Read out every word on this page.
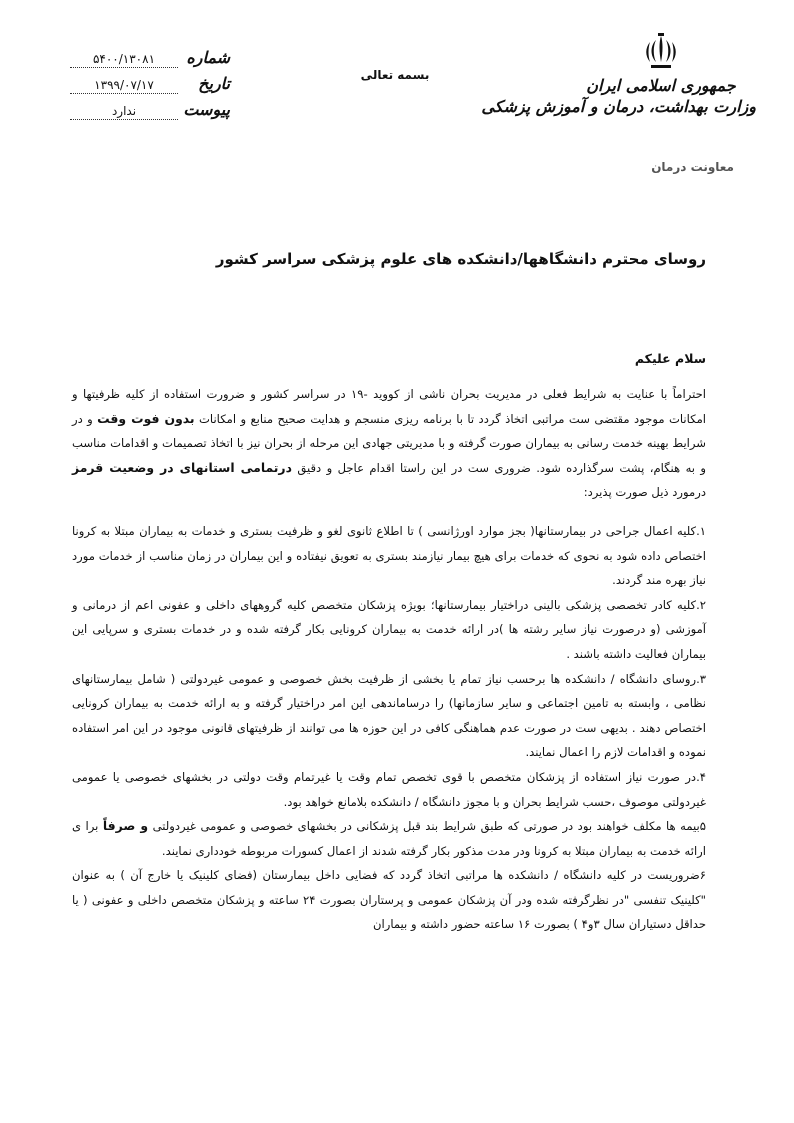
جمهوری اسلامی ایران
وزارت بهداشت، درمان و آموزش پزشکی
معاونت درمان
بسمه تعالی
شماره
۵۴۰۰/۱۳۰۸۱
تاریخ
۱۳۹۹/۰۷/۱۷
پیوست
ندارد

روسای محترم دانشگاهها/دانشکده های علوم پزشکی سراسر کشور

سلام علیکم

احتراماً با عنایت به شرایط فعلی در مدیریت بحران ناشی از کووید -۱۹ در سراسر کشور و ضرورت استفاده از کلیه ظرفیتها و امکانات موجود مقتضی ست مراتبی اتخاذ گردد تا با برنامه ریزی منسجم و هدایت صحیح منابع و امکانات بدون فوت وقت و در شرایط بهینه خدمت رسانی به بیماران صورت گرفته و با مدیریتی جهادی این مرحله از بحران نیز با اتخاذ تصمیمات و اقدامات مناسب و به هنگام، پشت سرگذارده شود. ضروری ست در این راستا اقدام عاجل و دقیق درتمامی استانهای در وضعیت قرمز درمورد ذیل صورت پذیرد:

۱.کلیه اعمال جراحی در بیمارستانها( بجز موارد اورژانسی ) تا اطلاع ثانوی لغو و ظرفیت بستری و خدمات به بیماران مبتلا به کرونا اختصاص داده شود به نحوی که خدمات برای هیچ بیمار نیازمند بستری به تعویق نیفتاده و این بیماران در زمان مناسب از خدمات مورد نیاز بهره مند گردند.

۲.کلیه کادر تخصصی پزشکی بالینی دراختیار بیمارستانها؛ بویژه پزشکان متخصص کلیه گروههای داخلی و عفونی اعم از درمانی و آموزشی (و درصورت نیاز سایر رشته ها )در ارائه خدمت به بیماران کرونایی بکار گرفته شده و در خدمات بستری و سرپایی این بیماران فعالیت داشته باشند .

۳.روسای دانشگاه / دانشکده ها برحسب نیاز تمام یا بخشی از ظرفیت بخش خصوصی و عمومی غیردولتی ( شامل بیمارستانهای نظامی ، وابسته به تامین اجتماعی و سایر سازمانها) را درساماندهی این امر دراختیار گرفته و به ارائه خدمت به بیماران کرونایی اختصاص دهند . بدیهی ست در صورت عدم هماهنگی کافی در این حوزه ها می توانند از ظرفیتهای قانونی موجود در این امر استفاده نموده و اقدامات لازم را اعمال نمایند.

۴.در صورت نیاز استفاده از پزشکان متخصص با قوی تخصص تمام وقت یا غیرتمام وقت دولتی در بخشهای خصوصی یا عمومی غیردولتی موصوف ،حسب شرایط بحران و با مجوز دانشگاه / دانشکده بلامانع خواهد بود.

۵بیمه ها مکلف خواهند بود در صورتی که طبق شرایط بند قبل پزشکانی در بخشهای خصوصی و عمومی غیردولتی و صرفاً برا ی ارائه خدمت به بیماران مبتلا به کرونا ودر مدت مذکور بکار گرفته شدند از اعمال کسورات مربوطه خودداری نمایند.

۶ضروریست در کلیه دانشگاه / دانشکده ها مراتبی اتخاذ گردد که فضایی داخل بیمارستان (فضای کلینیک یا خارج آن ) به عنوان "کلینیک تنفسی "در نظرگرفته شده ودر آن پزشکان عمومی و پرستاران بصورت ۲۴ ساعته و پزشکان متخصص داخلی و عفونی ( یا حداقل دستیاران سال ۳و۴ ) بصورت ۱۶ ساعته حضور داشته و بیماران
